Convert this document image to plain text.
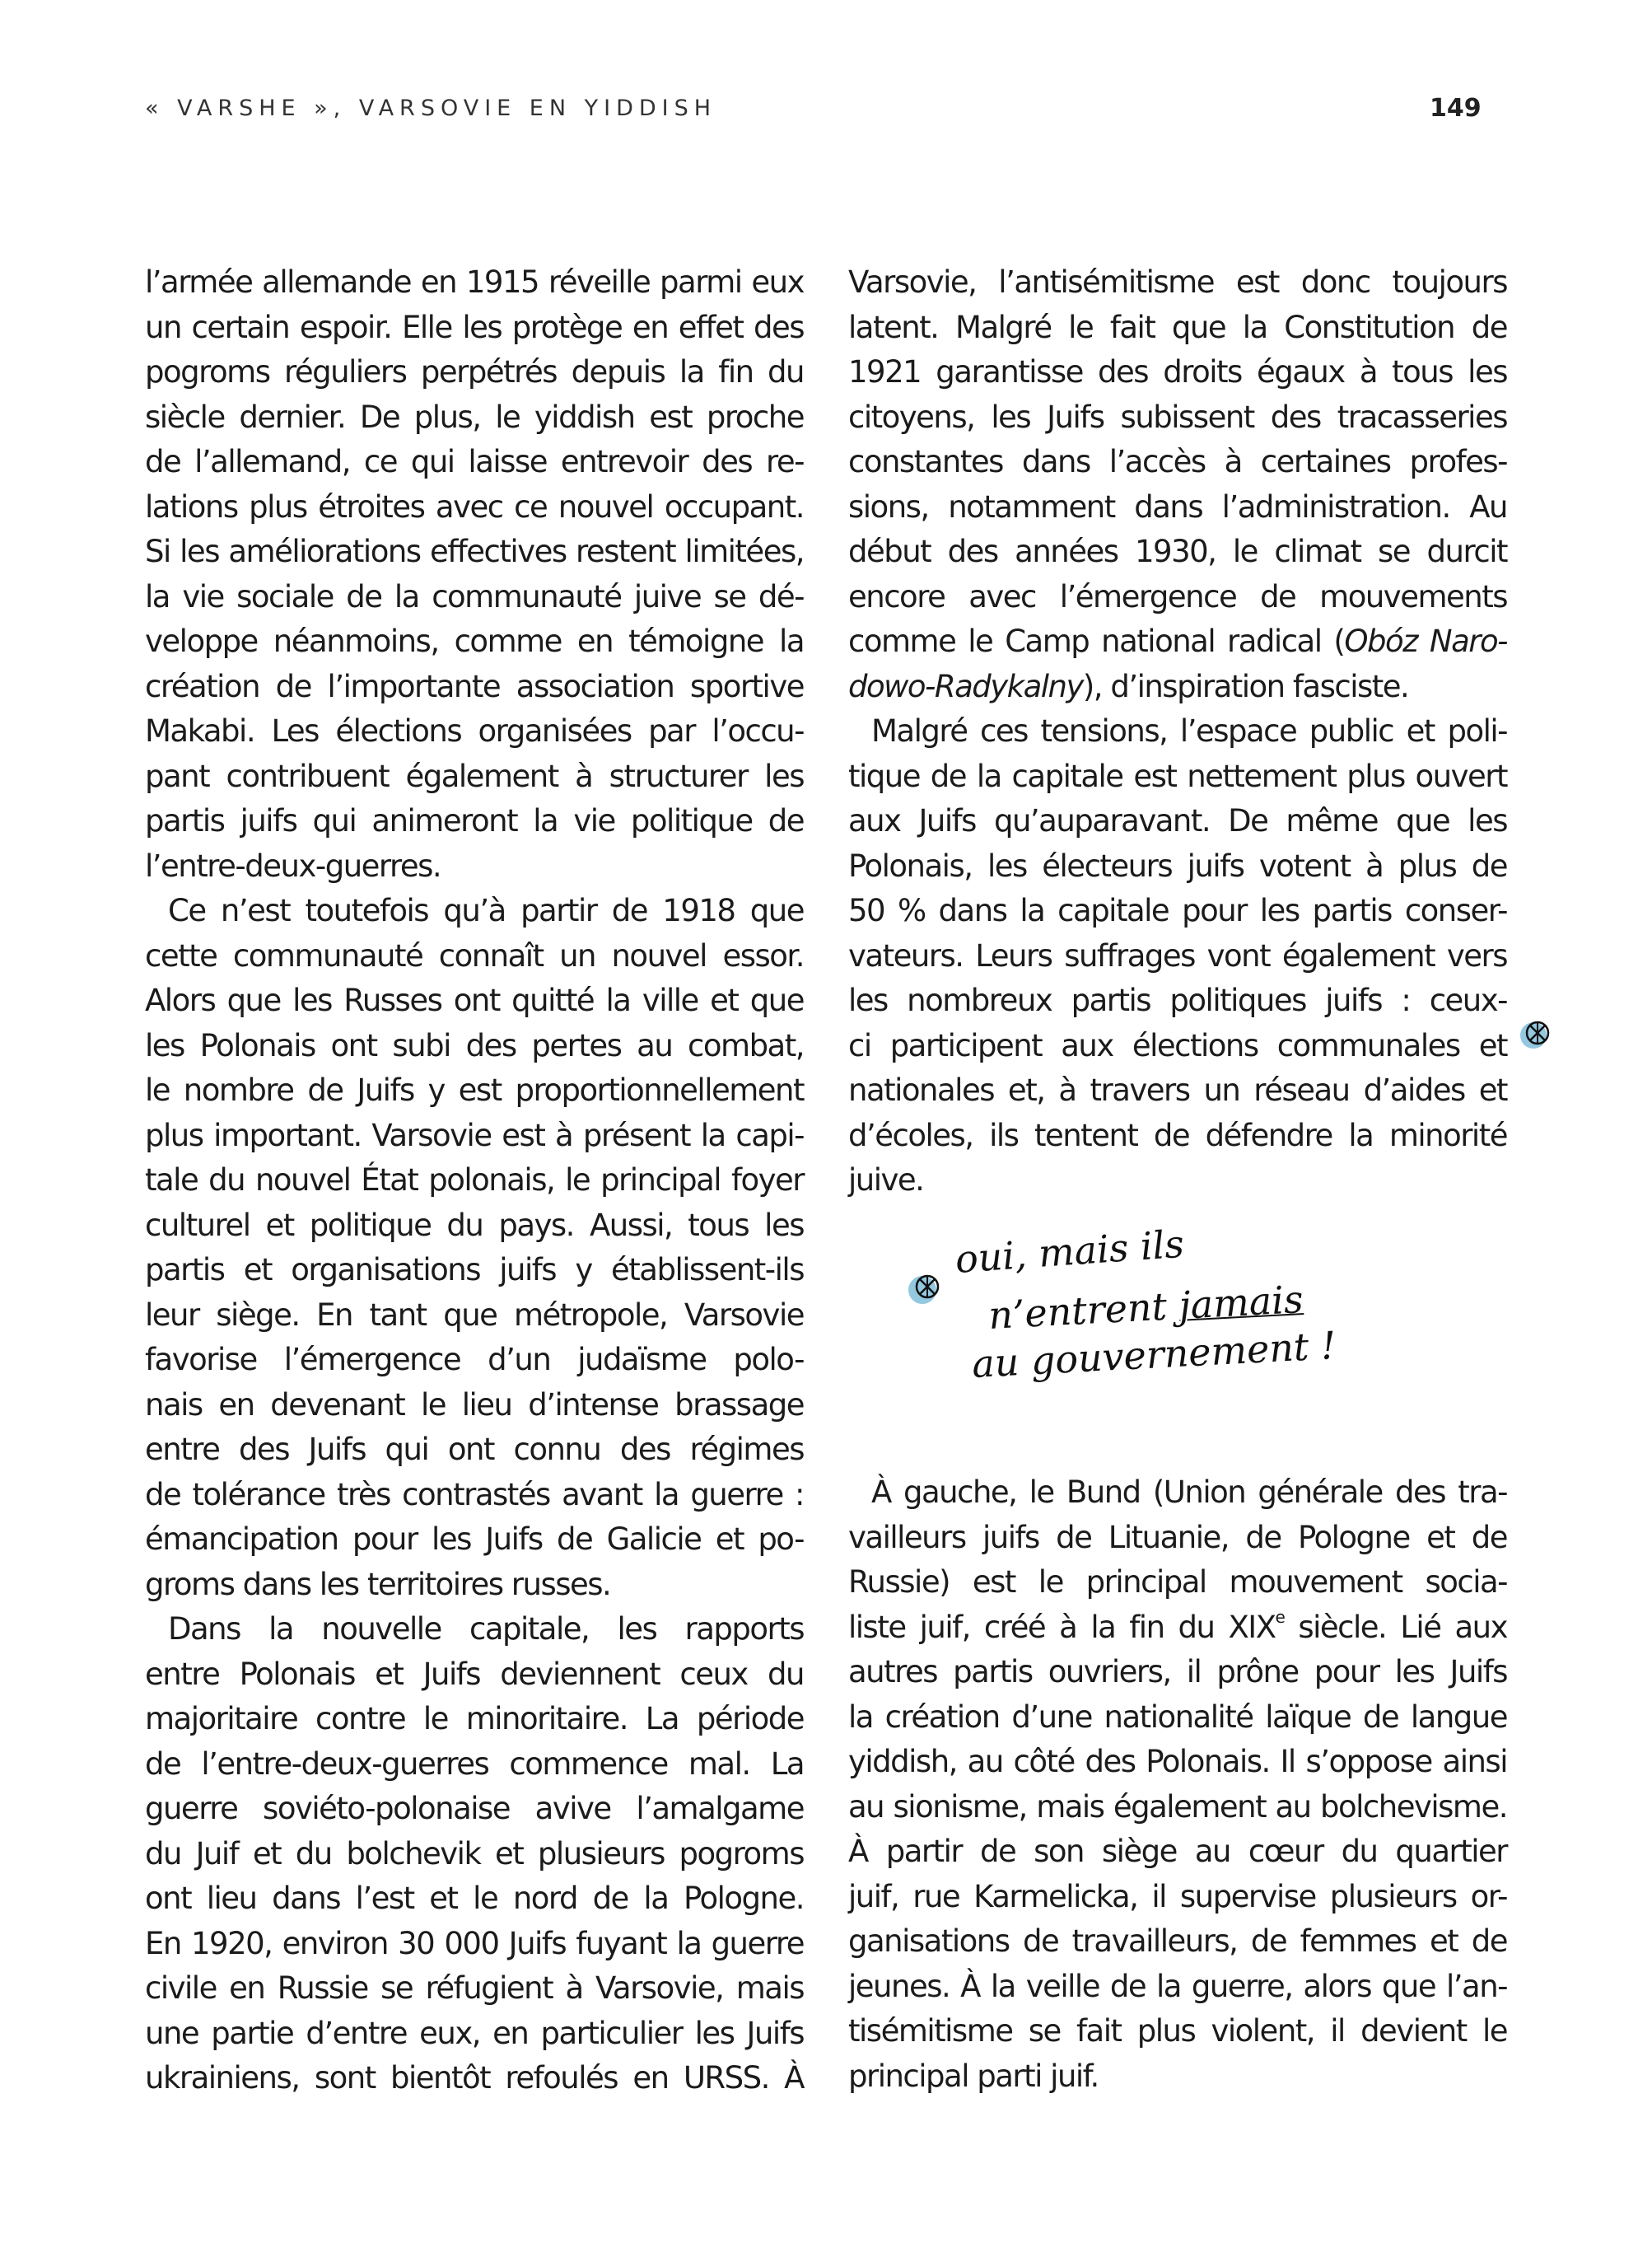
« VARSHE », VARSOVIE EN YIDDISH	149
l’armée allemande en 1915 réveille parmi eux
un certain espoir. Elle les protège en effet des
pogroms réguliers perpétrés depuis la fin du
siècle dernier. De plus, le yiddish est proche
de l’allemand, ce qui laisse entrevoir des re-
lations plus étroites avec ce nouvel occupant.
Si les améliorations effectives restent limitées,
la vie sociale de la communauté juive se dé-
veloppe néanmoins, comme en témoigne la
création de l’importante association sportive
Makabi. Les élections organisées par l’occu-
pant contribuent également à structurer les
partis juifs qui animeront la vie politique de
l’entre-deux-guerres.
Ce n’est toutefois qu’à partir de 1918 que
cette communauté connaît un nouvel essor.
Alors que les Russes ont quitté la ville et que
les Polonais ont subi des pertes au combat,
le nombre de Juifs y est proportionnellement
plus important. Varsovie est à présent la capi-
tale du nouvel État polonais, le principal foyer
culturel et politique du pays. Aussi, tous les
partis et organisations juifs y établissent-ils
leur siège. En tant que métropole, Varsovie
favorise l’émergence d’un judaïsme polo-
nais en devenant le lieu d’intense brassage
entre des Juifs qui ont connu des régimes
de tolérance très contrastés avant la guerre :
émancipation pour les Juifs de Galicie et po-
groms dans les territoires russes.
Dans la nouvelle capitale, les rapports
entre Polonais et Juifs deviennent ceux du
majoritaire contre le minoritaire. La période
de l’entre-deux-guerres commence mal. La
guerre soviéto-polonaise avive l’amalgame
du Juif et du bolchevik et plusieurs pogroms
ont lieu dans l’est et le nord de la Pologne.
En 1920, environ 30 000 Juifs fuyant la guerre
civile en Russie se réfugient à Varsovie, mais
une partie d’entre eux, en particulier les Juifs
ukrainiens, sont bientôt refoulés en URSS. À
Varsovie, l’antisémitisme est donc toujours
latent. Malgré le fait que la Constitution de
1921 garantisse des droits égaux à tous les
citoyens, les Juifs subissent des tracasseries
constantes dans l’accès à certaines profes-
sions, notamment dans l’administration. Au
début des années 1930, le climat se durcit
encore avec l’émergence de mouvements
comme le Camp national radical (Obóz Naro-
dowo-Radykalny), d’inspiration fasciste.
Malgré ces tensions, l’espace public et poli-
tique de la capitale est nettement plus ouvert
aux Juifs qu’auparavant. De même que les
Polonais, les électeurs juifs votent à plus de
50 % dans la capitale pour les partis conser-
vateurs. Leurs suffrages vont également vers
les nombreux partis politiques juifs : ceux-
ci participent aux élections communales et
nationales et, à travers un réseau d’aides et
d’écoles, ils tentent de défendre la minorité
juive.
oui, mais ils
n’entrent jamais
au gouvernement !
À gauche, le Bund (Union générale des tra-
vailleurs juifs de Lituanie, de Pologne et de
Russie) est le principal mouvement socia-
liste juif, créé à la fin du XIXe siècle. Lié aux
autres partis ouvriers, il prône pour les Juifs
la création d’une nationalité laïque de langue
yiddish, au côté des Polonais. Il s’oppose ainsi
au sionisme, mais également au bolchevisme.
À partir de son siège au cœur du quartier
juif, rue Karmelicka, il supervise plusieurs or-
ganisations de travailleurs, de femmes et de
jeunes. À la veille de la guerre, alors que l’an-
tisémitisme se fait plus violent, il devient le
principal parti juif.
